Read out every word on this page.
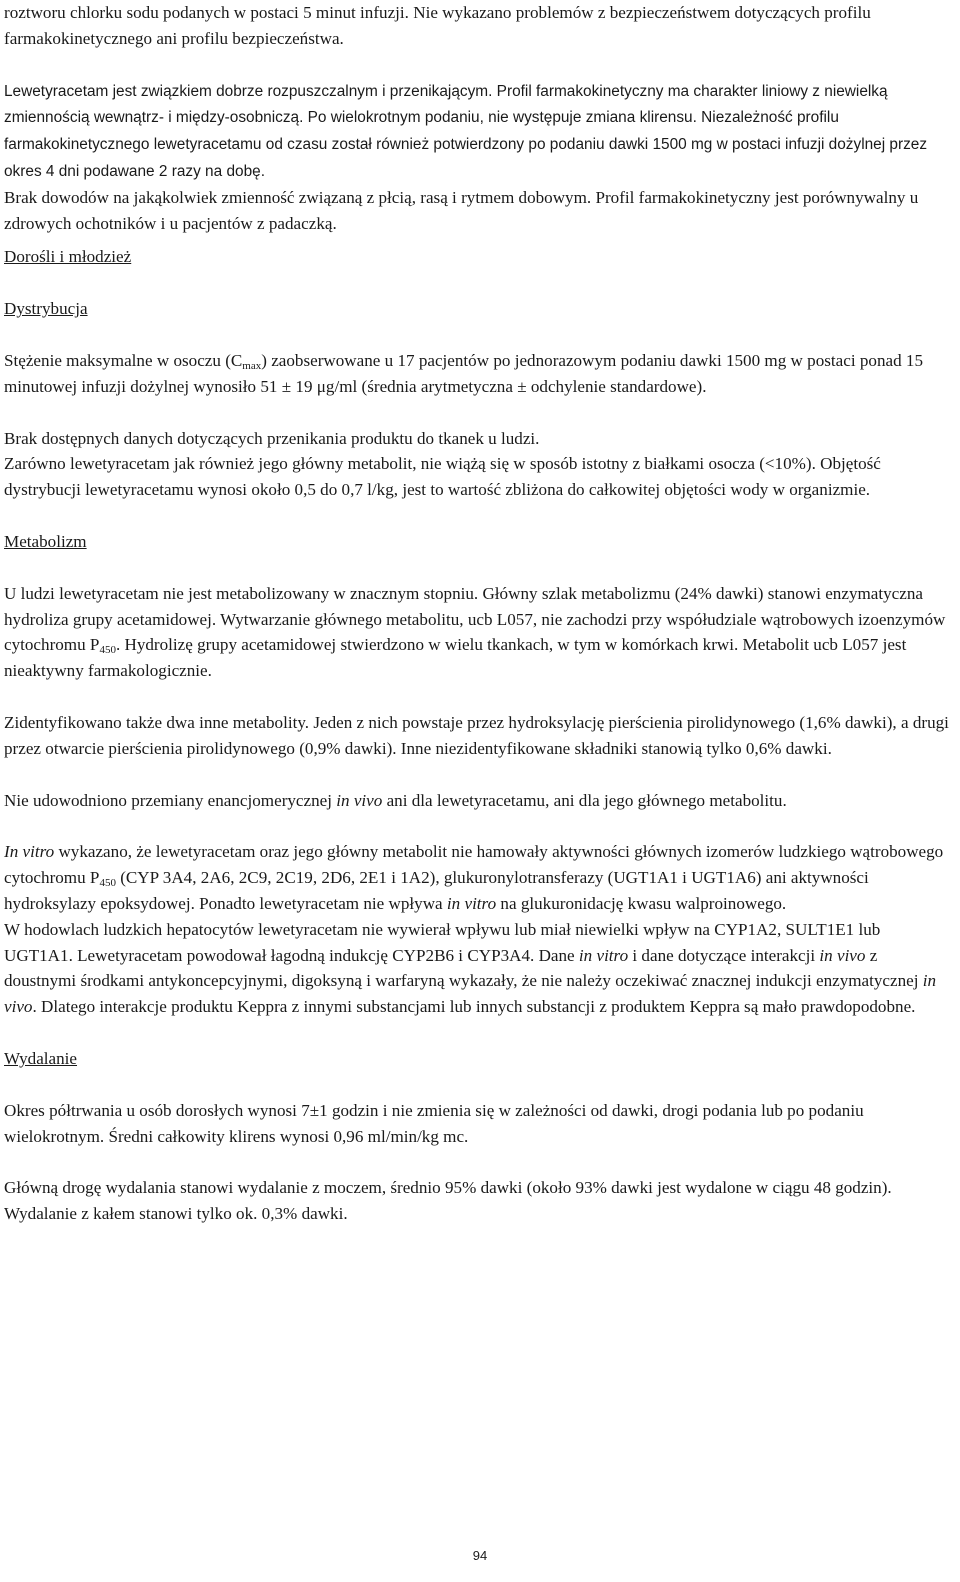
roztworu chlorku sodu podanych w postaci 5 minut infuzji. Nie wykazano problemów z bezpieczeństwem dotyczących profilu farmakokinetycznego ani profilu bezpieczeństwa.

Lewetyracetam jest związkiem dobrze rozpuszczalnym i przenikającym. Profil farmakokinetyczny ma charakter liniowy z niewielką zmiennością wewnątrz- i między-osobniczą. Po wielokrotnym podaniu, nie występuje zmiana klirensu. Niezależność profilu farmakokinetycznego lewetyracetamu od czasu został również potwierdzony po podaniu dawki 1500 mg w postaci infuzji dożylnej przez okres 4 dni podawane 2 razy na dobę.

Brak dowodów na jakąkolwiek zmienność związaną z płcią, rasą i rytmem dobowym. Profil farmakokinetyczny jest porównywalny u zdrowych ochotników i u pacjentów z padaczką.

Dorośli i młodzież

Dystrybucja

Stężenie maksymalne w osoczu $(C_{max})$ zaobserwowane u 17 pacjentów po jednorazowym podaniu dawki 1500 mg w postaci ponad 15 minutowej infuzji dożylnej wynosiło 51 ± 19 μg/ml (średnia arytmetyczna ± odchylenie standardowe).

Brak dostępnych danych dotyczących przenikania produktu do tkanek u ludzi.

Zarówno lewetyracetam jak również jego główny metabolit, nie wiążą się w sposób istotny z białkami osocza (<10%). Objętość dystrybucji lewetyracetamu wynosi około 0,5 do 0,7 l/kg, jest to wartość zbliżona do całkowitej objętości wody w organizmie.

Metabolizm

U ludzi lewetyracetam nie jest metabolizowany w znacznym stopniu. Główny szlak metabolizmu (24% dawki) stanowi enzymatyczna hydroliza grupy acetamidowej. Wytwarzanie głównego metabolitu, ucb L057, nie zachodzi przy współudziale wątrobowych izoenzymów cytochromu $P_{450}$. Hydrolizę grupy acetamidowej stwierdzono w wielu tkankach, w tym w komórkach krwi. Metabolit ucb L057 jest nieaktywny farmakologicznie.

Zidentyfikowano także dwa inne metabolity. Jeden z nich powstaje przez hydroksylację pierścienia pirolidynowego (1,6% dawki), a drugi przez otwarcie pierścienia pirolidynowego (0,9% dawki). Inne niezidentyfikowane składniki stanowią tylko 0,6% dawki.

Nie udowodniono przemiany enancjomerycznej in vivo ani dla lewetyracetamu, ani dla jego głównego metabolitu.

In vitro wykazano, że lewetyracetam oraz jego główny metabolit nie hamowały aktywności głównych izomerów ludzkiego wątrobowego cytochromu $P_{450}$ (CYP 3A4, 2A6, 2C9, 2C19, 2D6, 2E1 i 1A2), glukuronylotransferazy (UGT1A1 i UGT1A6) ani aktywności hydroksylazy epoksydowej. Ponadto lewetyracetam nie wpływa in vitro na glukuronidację kwasu walproinowego.

W hodowlach ludzkich hepatocytów lewetyracetam nie wywierał wpływu lub miał niewielki wpływ na CYP1A2, SULT1E1 lub UGT1A1. Lewetyracetam powodował łagodną indukcję CYP2B6 i CYP3A4. Dane in vitro i dane dotyczące interakcji in vivo z doustnymi środkami antykoncepcyjnymi, digoksyną i warfaryną wykazały, że nie należy oczekiwać znacznej indukcji enzymatycznej in vivo. Dlatego interakcje produktu Keppra z innymi substancjami lub innych substancji z produktem Keppra są mało prawdopodobne.

Wydalanie

Okres półtrwania u osób dorosłych wynosi 7±1 godzin i nie zmienia się w zależności od dawki, drogi podania lub po podaniu wielokrotnym. Średni całkowity klirens wynosi 0,96 ml/min/kg mc.

Główną drogę wydalania stanowi wydalanie z moczem, średnio 95% dawki (około 93% dawki jest wydalone w ciągu 48 godzin). Wydalanie z kałem stanowi tylko ok. 0,3% dawki.

94
